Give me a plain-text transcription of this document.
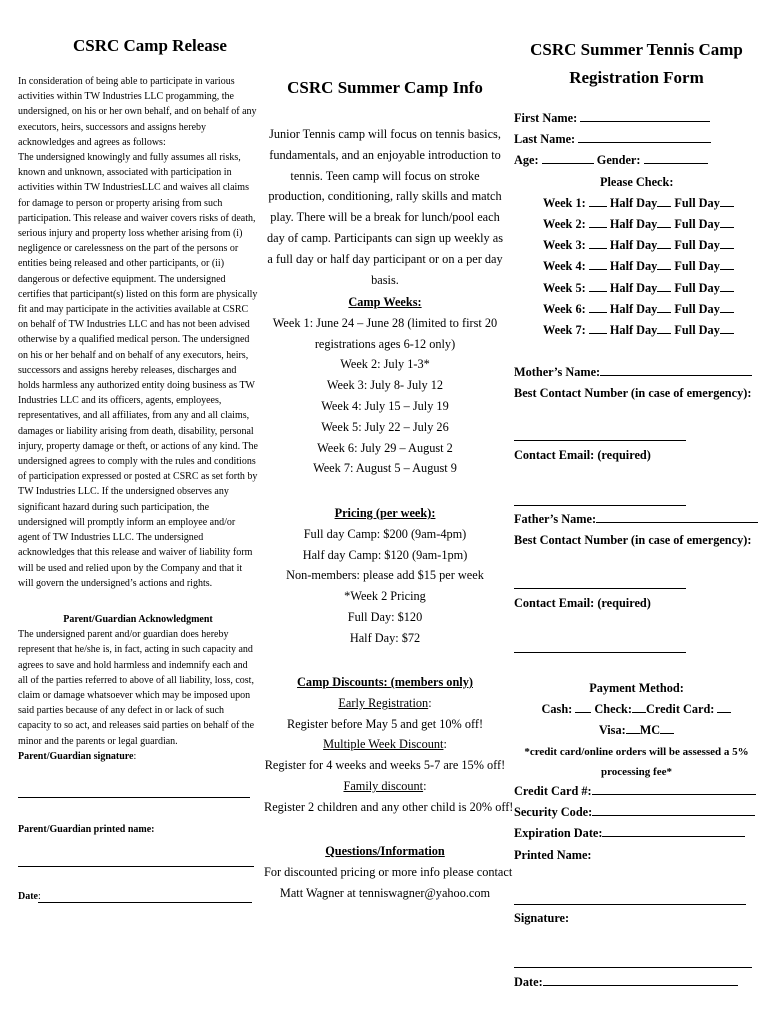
CSRC Camp Release

In consideration of being able to participate in various activities within TW Industries LLC progamming, the undersigned, on his or her own behalf, and on behalf of any executors, heirs, successors and assigns hereby acknowledges and agrees as follows:

The undersigned knowingly and fully assumes all risks, known and unknown, associated with participation in activities within TW IndustriesLLC and waives all claims for damage to person or property arising from such participation. This release and waiver covers risks of death, serious injury and property loss whether arising from (i) negligence or carelessness on the part of the persons or entities being released and other participants, or (ii) dangerous or defective equipment. The undersigned certifies that participant(s) listed on this form are physically fit and may participate in the activities available at CSRC on behalf of TW Industries LLC and has not been advised otherwise by a qualified medical person. The undersigned on his or her behalf and on behalf of any executors, heirs, successors and assigns hereby releases, discharges and holds harmless any authorized entity doing business as TW Industries LLC and its officers, agents, employees, representatives, and all affiliates, from any and all claims, damages or liability arising from death, disability, personal injury, property damage or theft, or actions of any kind. The undersigned agrees to comply with the rules and conditions of participation expressed or posted at CSRC as set forth by TW Industries LLC. If the undersigned observes any significant hazard during such participation, the undersigned will promptly inform an employee and/or agent of TW Industries LLC. The undersigned acknowledges that this release and waiver of liability form will be used and relied upon by the Company and that it will govern the undersigned’s actions and rights.

Parent/Guardian Acknowledgment

The undersigned parent and/or guardian does hereby represent that he/she is, in fact, acting in such capacity and agrees to save and hold harmless and indemnify each and all of the parties referred to above of all liability, loss, cost, claim or damage whatsoever which may be imposed upon said parties because of any defect in or lack of such capacity to so act, and releases said parties on behalf of the minor and the parents or legal guardian.

Parent/Guardian signature:

Parent/Guardian printed name:
Date:
CSRC Summer Camp Info
Junior Tennis camp will focus on tennis basics, fundamentals, and an enjoyable introduction to tennis. Teen camp will focus on stroke production, conditioning, rally skills and match play. There will be a break for lunch/pool each day of camp. Participants can sign up weekly as a full day or half day participant or on a per day basis.
Camp Weeks:
Week 1: June 24 – June 28 (limited to first 20
registrations ages 6-12 only)
Week 2: July 1-3*
Week 3: July 8- July 12
Week 4: July 15 – July 19
Week 5: July 22 – July 26
Week 6: July 29 – August 2
Week 7: August 5 – August 9
Pricing (per week):
Full day Camp: $200 (9am-4pm)
Half day Camp: $120 (9am-1pm)
Non-members: please add $15 per week
*Week 2 Pricing
Full Day: $120
Half Day: $72
Camp Discounts: (members only)
Early Registration:
Register before May 5 and get 10% off!
Multiple Week Discount:
Register for 4 weeks and weeks 5-7 are 15% off!
Family discount:
Register 2 children and any other child is 20% off!
Questions/Information
For discounted pricing or more info please contact
Matt Wagner at tenniswagner@yahoo.com
CSRC Summer Tennis Camp
Registration Form
First Name:
Last Name:
Age:	Gender:
Please Check:
Week 1: Half Day Full Day
Week 2: Half Day Full Day
Week 3: Half Day Full Day
Week 4: Half Day Full Day
Week 5: Half Day Full Day
Week 6: Half Day Full Day
Week 7: Half Day Full Day
Mother’s Name:
Best Contact Number (in case of emergency):
Contact Email: (required)
Father’s Name:
Best Contact Number (in case of emergency):
Contact Email: (required)
Payment Method:
Cash: Check: Credit Card:
Visa: MC
*credit card/online orders will be assessed a 5%
processing fee*
Credit Card #:
Security Code:
Expiration Date:
Printed Name:
Signature:
Date:
